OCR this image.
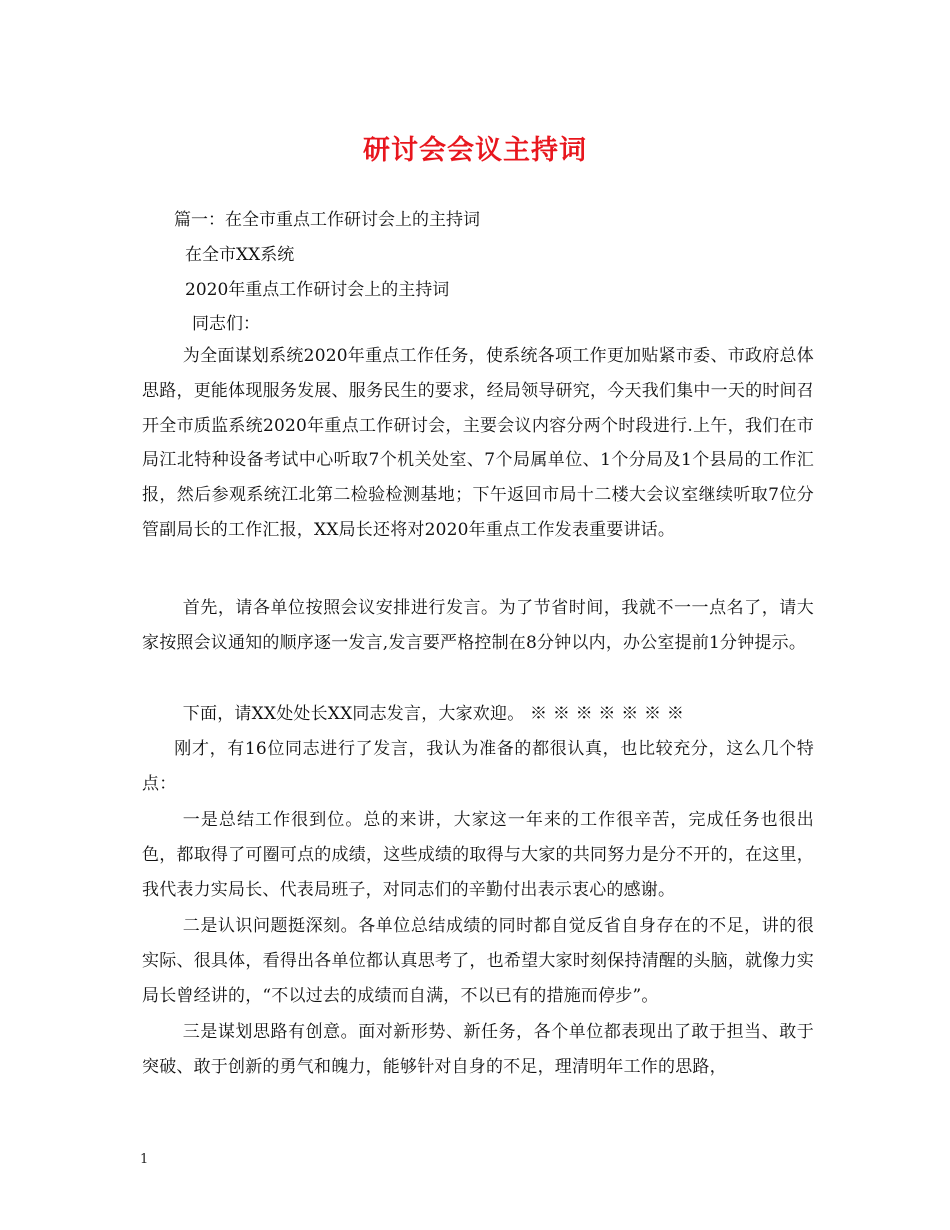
研讨会会议主持词
篇一：在全市重点工作研讨会上的主持词
在全市XX系统
2020年重点工作研讨会上的主持词
同志们：
为全面谋划系统2020年重点工作任务，使系统各项工作更加贴紧市委、市政府总体思路，更能体现服务发展、服务民生的要求，经局领导研究，今天我们集中一天的时间召开全市质监系统2020年重点工作研讨会，主要会议内容分两个时段进行.上午，我们在市局江北特种设备考试中心听取7个机关处室、7个局属单位、1个分局及1个县局的工作汇报，然后参观系统江北第二检验检测基地；下午返回市局十二楼大会议室继续听取7位分管副局长的工作汇报，XX局长还将对2020年重点工作发表重要讲话。
首先，请各单位按照会议安排进行发言。为了节省时间，我就不一一点名了，请大家按照会议通知的顺序逐一发言,发言要严格控制在8分钟以内，办公室提前1分钟提示。
下面，请XX处处长XX同志发言，大家欢迎。 ※ ※ ※ ※ ※ ※ ※
刚才，有16位同志进行了发言，我认为准备的都很认真，也比较充分，这么几个特点：
一是总结工作很到位。总的来讲，大家这一年来的工作很辛苦，完成任务也很出色，都取得了可圈可点的成绩，这些成绩的取得与大家的共同努力是分不开的，在这里，我代表力实局长、代表局班子，对同志们的辛勤付出表示衷心的感谢。
二是认识问题挺深刻。各单位总结成绩的同时都自觉反省自身存在的不足，讲的很实际、很具体，看得出各单位都认真思考了，也希望大家时刻保持清醒的头脑，就像力实局长曾经讲的，“不以过去的成绩而自满，不以已有的措施而停步”。
三是谋划思路有创意。面对新形势、新任务，各个单位都表现出了敢于担当、敢于突破、敢于创新的勇气和魄力，能够针对自身的不足，理清明年工作的思路，
1
